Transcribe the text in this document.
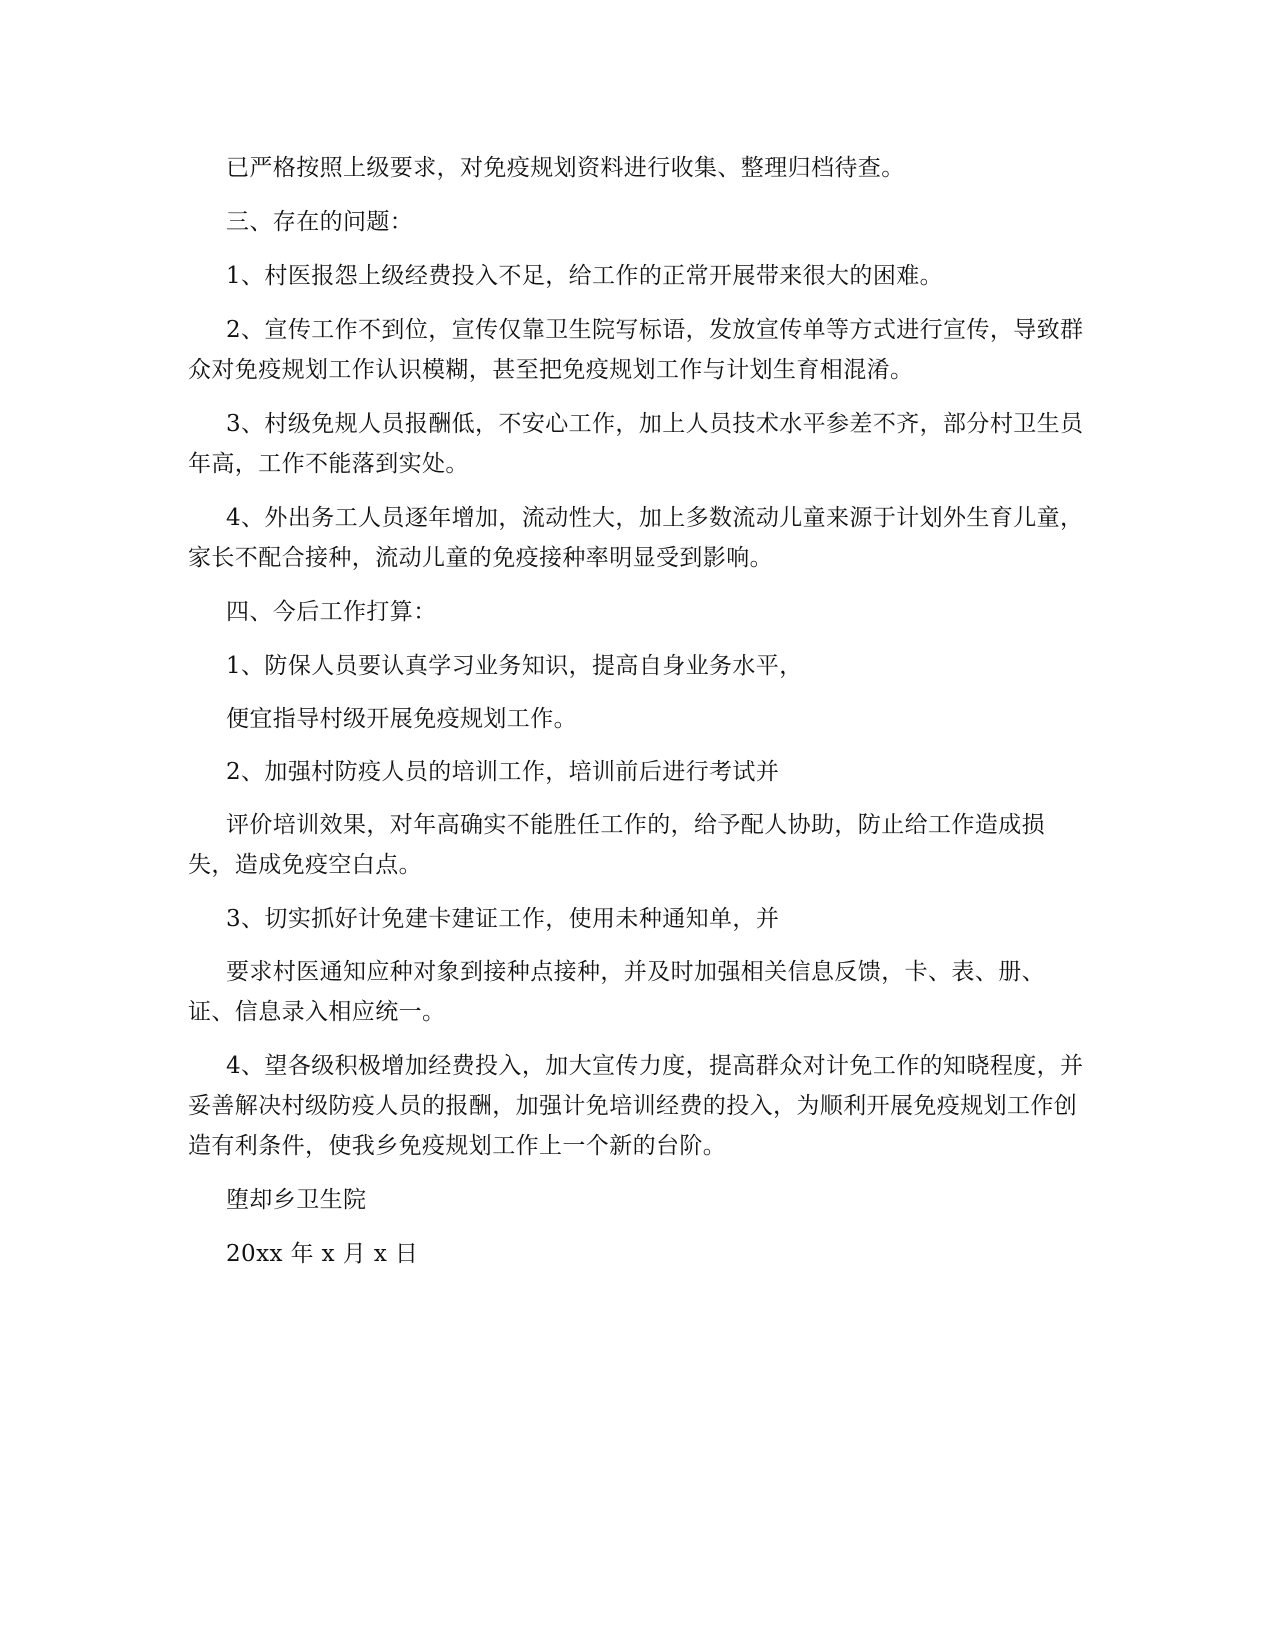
已严格按照上级要求，对免疫规划资料进行收集、整理归档待查。

三、存在的问题：

1、村医报怨上级经费投入不足，给工作的正常开展带来很大的困难。

2、宣传工作不到位，宣传仅靠卫生院写标语，发放宣传单等方式进行宣传，导致群众对免疫规划工作认识模糊，甚至把免疫规划工作与计划生育相混淆。

3、村级免规人员报酬低，不安心工作，加上人员技术水平参差不齐，部分村卫生员年高，工作不能落到实处。

4、外出务工人员逐年增加，流动性大，加上多数流动儿童来源于计划外生育儿童，家长不配合接种，流动儿童的免疫接种率明显受到影响。

四、今后工作打算：

1、防保人员要认真学习业务知识，提高自身业务水平，

便宜指导村级开展免疫规划工作。

2、加强村防疫人员的培训工作，培训前后进行考试并

评价培训效果，对年高确实不能胜任工作的，给予配人协助，防止给工作造成损失，造成免疫空白点。

3、切实抓好计免建卡建证工作，使用未种通知单，并

要求村医通知应种对象到接种点接种，并及时加强相关信息反馈，卡、表、册、证、信息录入相应统一。

4、望各级积极增加经费投入，加大宣传力度，提高群众对计免工作的知晓程度，并妥善解决村级防疫人员的报酬，加强计免培训经费的投入，为顺利开展免疫规划工作创造有利条件，使我乡免疫规划工作上一个新的台阶。

堕却乡卫生院

20xx 年 x 月 x 日
